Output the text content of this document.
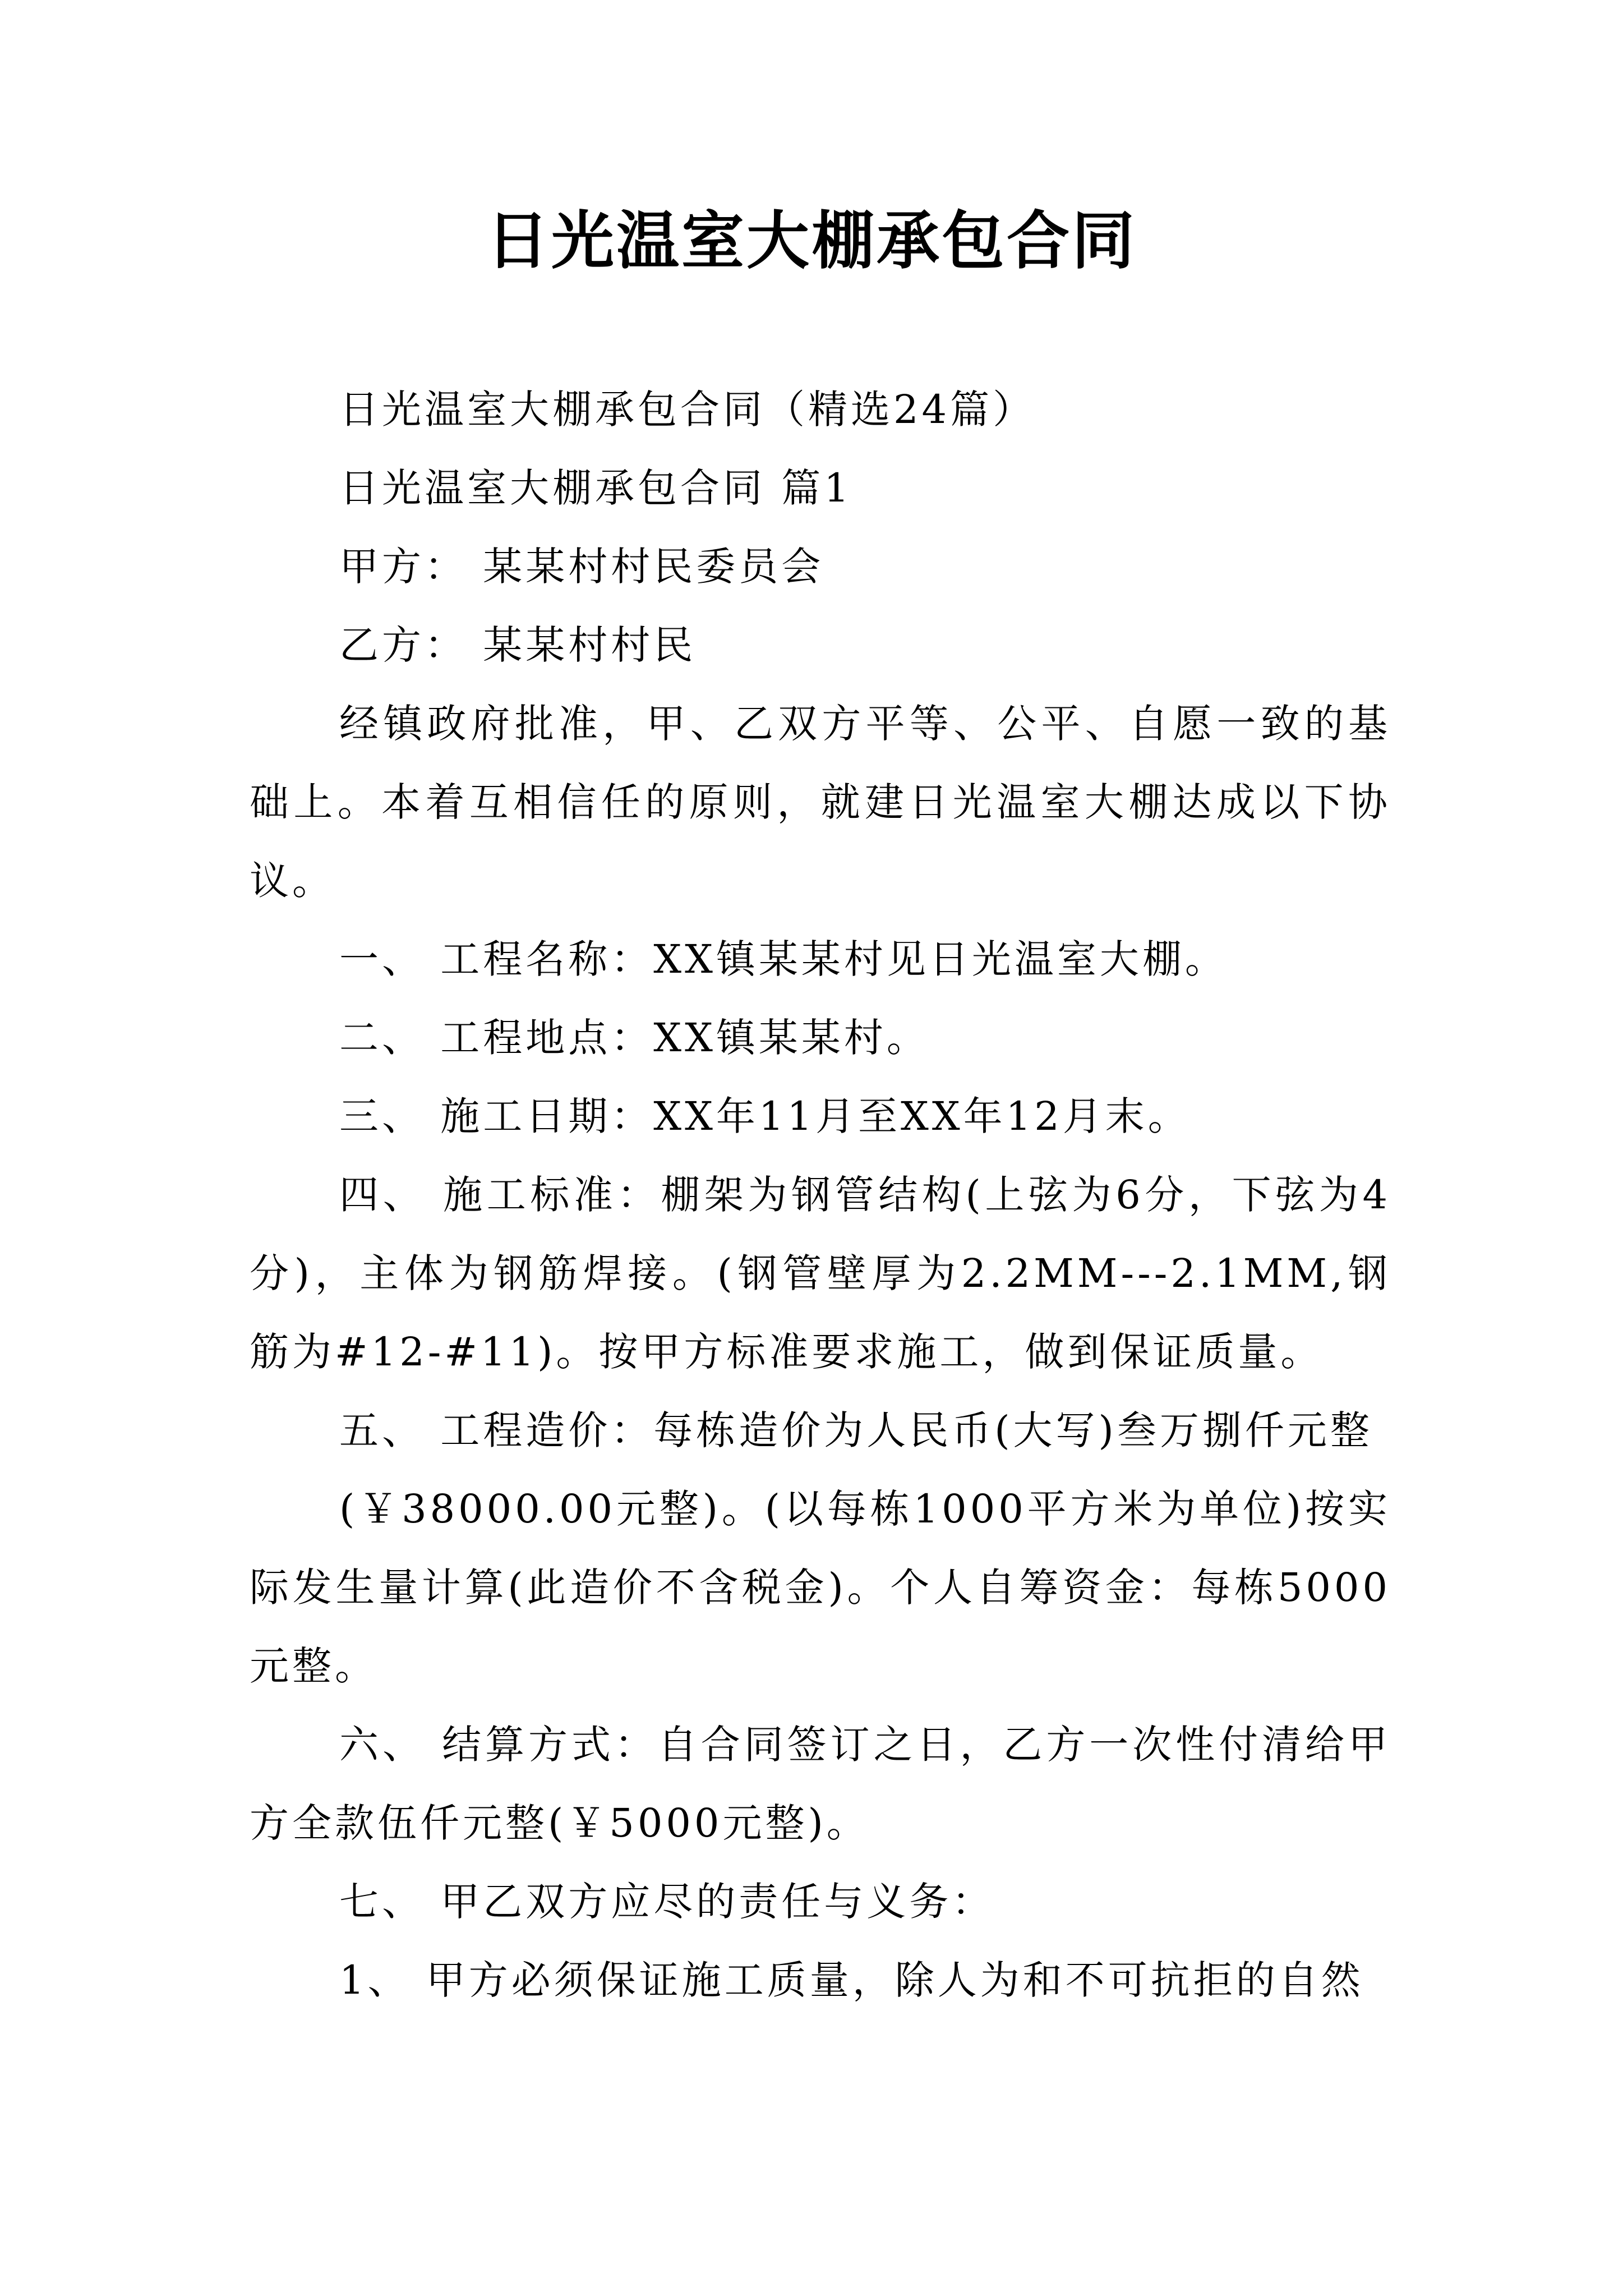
日光温室大棚承包合同

日光温室大棚承包合同（精选24篇）

日光温室大棚承包合同 篇1

甲方： 某某村村民委员会

乙方： 某某村村民

经镇政府批准，甲、乙双方平等、公平、自愿一致的基础上。本着互相信任的原则，就建日光温室大棚达成以下协议。

一、 工程名称：XX镇某某村见日光温室大棚。

二、 工程地点：XX镇某某村。

三、 施工日期：XX年11月至XX年12月末。

四、 施工标准：棚架为钢管结构(上弦为6分，下弦为4分)，主体为钢筋焊接。(钢管壁厚为2.2MM---2.1MM,钢筋为#12-#11)。按甲方标准要求施工，做到保证质量。

五、 工程造价：每栋造价为人民币(大写)叁万捌仟元整

(￥38000.00元整)。(以每栋1000平方米为单位)按实际发生量计算(此造价不含税金)。个人自筹资金：每栋5000元整。

六、 结算方式：自合同签订之日，乙方一次性付清给甲方全款伍仟元整(￥5000元整)。

七、 甲乙双方应尽的责任与义务：

1、 甲方必须保证施工质量，除人为和不可抗拒的自然
